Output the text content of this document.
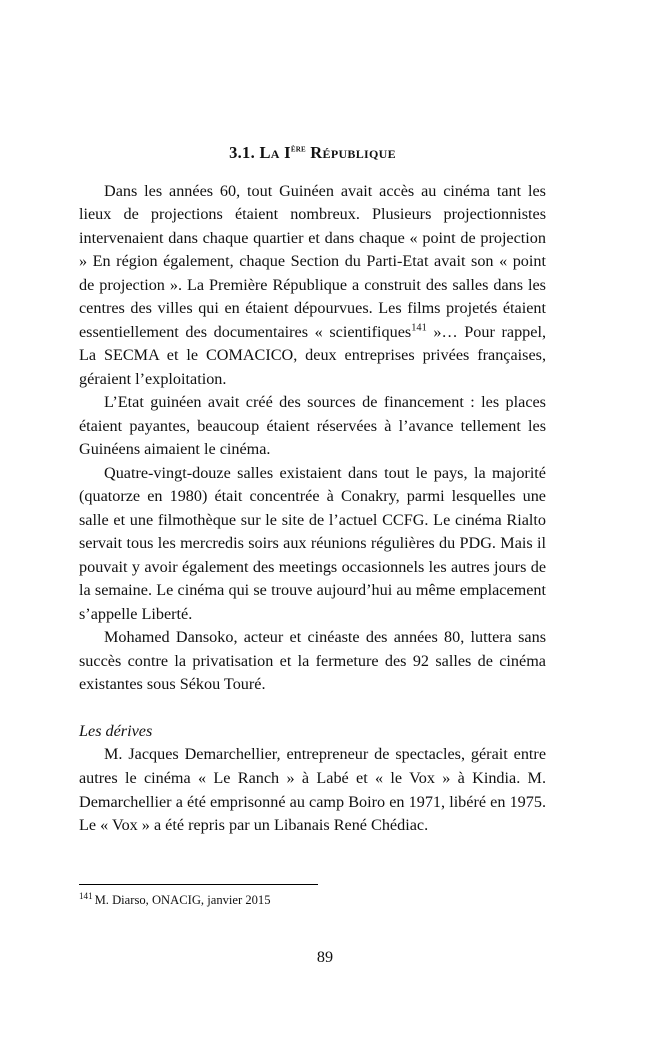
3.1. La Ière République

Dans les années 60, tout Guinéen avait accès au cinéma tant les lieux de projections étaient nombreux. Plusieurs projectionnistes intervenaient dans chaque quartier et dans chaque « point de projection » En région également, chaque Section du Parti-Etat avait son « point de projection ». La Première République a construit des salles dans les centres des villes qui en étaient dépourvues. Les films projetés étaient essentiellement des documentaires « scientifiques$^{141}$ »… Pour rappel, La SECMA et le COMACICO, deux entreprises privées françaises, géraient l’exploitation.

L’Etat guinéen avait créé des sources de financement : les places étaient payantes, beaucoup étaient réservées à l’avance tellement les Guinéens aimaient le cinéma.

Quatre-vingt-douze salles existaient dans tout le pays, la majorité (quatorze en 1980) était concentrée à Conakry, parmi lesquelles une salle et une filmothèque sur le site de l’actuel CCFG. Le cinéma Rialto servait tous les mercredis soirs aux réunions régulières du PDG. Mais il pouvait y avoir également des meetings occasionnels les autres jours de la semaine. Le cinéma qui se trouve aujourd’hui au même emplacement s’appelle Liberté.

Mohamed Dansoko, acteur et cinéaste des années 80, luttera sans succès contre la privatisation et la fermeture des 92 salles de cinéma existantes sous Sékou Touré.

Les dérives

M. Jacques Demarchellier, entrepreneur de spectacles, gérait entre autres le cinéma « Le Ranch » à Labé et « le Vox » à Kindia. M. Demarchellier a été emprisonné au camp Boiro en 1971, libéré en 1975. Le « Vox » a été repris par un Libanais René Chédiac.

$^{141}$ M. Diarso, ONACIG, janvier 2015

89
